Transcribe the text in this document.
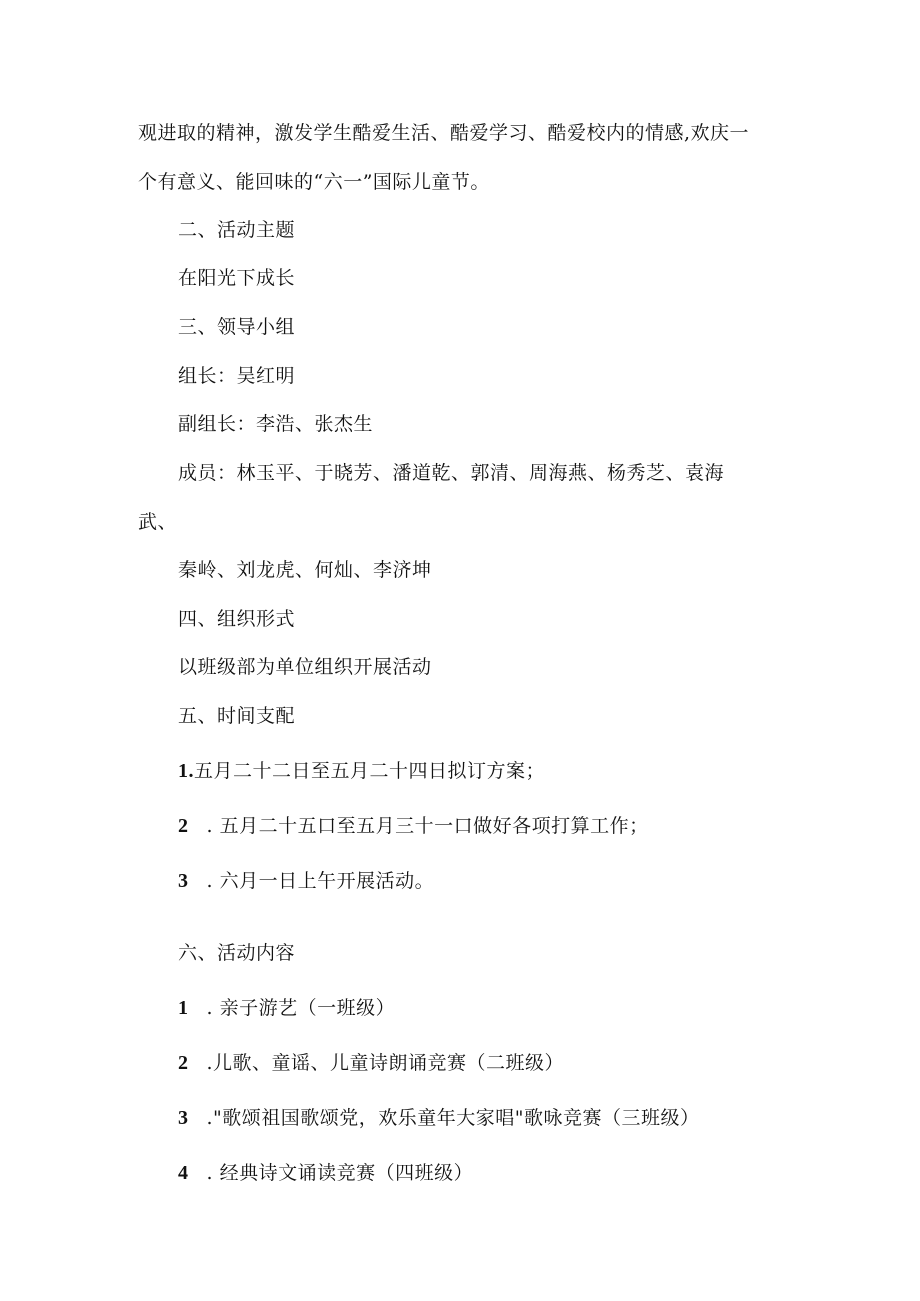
观进取的精神，激发学生酷爱生活、酷爱学习、酷爱校内的情感,欢庆一
个有意义、能回味的“六一”国际儿童节。
二、活动主题
在阳光下成长
三、领导小组
组长：吴红明
副组长：李浩、张杰生
成员：林玉平、于晓芳、潘道乾、郭清、周海燕、杨秀芝、袁海
武、
秦岭、刘龙虎、何灿、李济坤
四、组织形式
以班级部为单位组织开展活动
五、时间支配
1.五月二十二日至五月二十四日拟订方案；
2 . 五月二十五口至五月三十一口做好各项打算工作；
3 . 六月一日上午开展活动。
六、活动内容
1 . 亲子游艺（一班级）
2 .儿歌、童谣、儿童诗朗诵竞赛（二班级）
3 ."歌颂祖国歌颂党，欢乐童年大家唱"歌咏竞赛（三班级）
4 . 经典诗文诵读竞赛（四班级）
